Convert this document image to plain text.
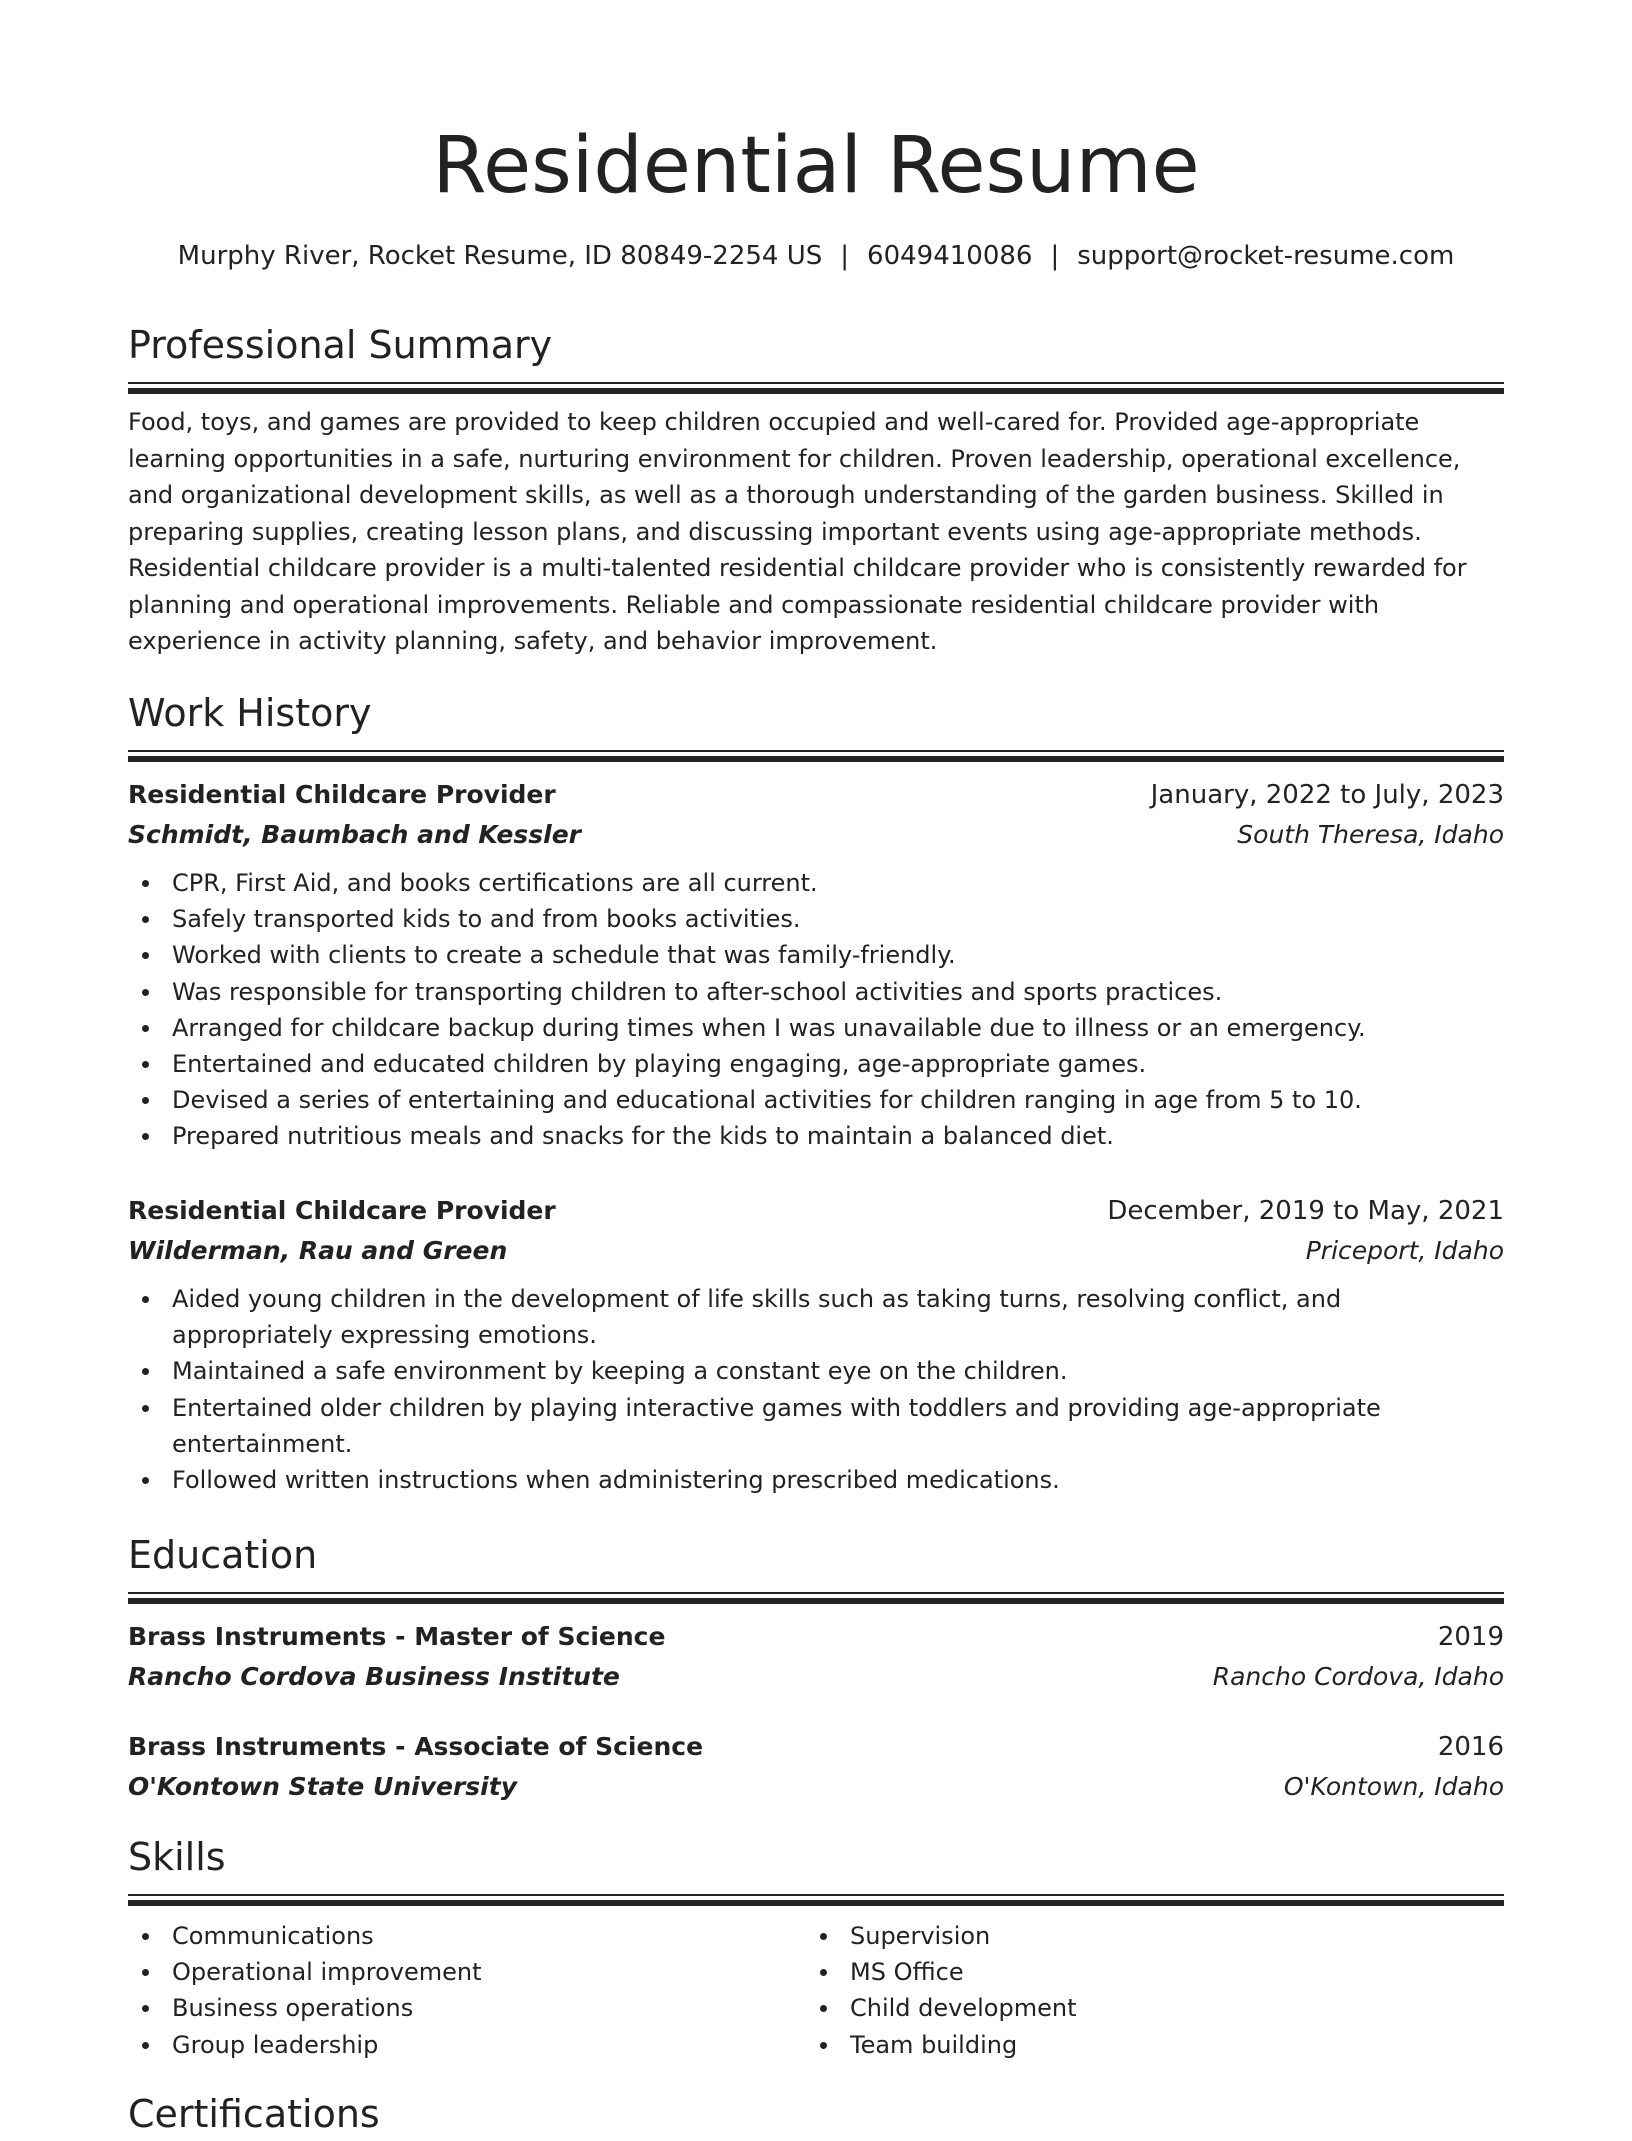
Residential Resume
Murphy River, Rocket Resume, ID 80849-2254 US | 6049410086 | support@rocket-resume.com
Professional Summary

Food, toys, and games are provided to keep children occupied and well-cared for. Provided age-appropriate learning opportunities in a safe, nurturing environment for children. Proven leadership, operational excellence, and organizational development skills, as well as a thorough understanding of the garden business. Skilled in preparing supplies, creating lesson plans, and discussing important events using age-appropriate methods. Residential childcare provider is a multi-talented residential childcare provider who is consistently rewarded for planning and operational improvements. Reliable and compassionate residential childcare provider with experience in activity planning, safety, and behavior improvement.

Work History
Residential Childcare Provider	January, 2022 to July, 2023
Schmidt, Baumbach and Kessler	South Theresa, Idaho
CPR, First Aid, and books certifications are all current.
Safely transported kids to and from books activities.
Worked with clients to create a schedule that was family-friendly.
Was responsible for transporting children to after-school activities and sports practices.
Arranged for childcare backup during times when I was unavailable due to illness or an emergency.
Entertained and educated children by playing engaging, age-appropriate games.
Devised a series of entertaining and educational activities for children ranging in age from 5 to 10.
Prepared nutritious meals and snacks for the kids to maintain a balanced diet.
Residential Childcare Provider	December, 2019 to May, 2021
Wilderman, Rau and Green	Priceport, Idaho
Aided young children in the development of life skills such as taking turns, resolving conflict, and appropriately expressing emotions.
Maintained a safe environment by keeping a constant eye on the children.
Entertained older children by playing interactive games with toddlers and providing age-appropriate entertainment.
Followed written instructions when administering prescribed medications.
Education
Brass Instruments - Master of Science	2019
Rancho Cordova Business Institute	Rancho Cordova, Idaho
Brass Instruments - Associate of Science	2016
O'Kontown State University	O'Kontown, Idaho
Skills
Communications
Operational improvement
Business operations
Group leadership
Supervision
MS Office
Child development
Team building
Certifications
